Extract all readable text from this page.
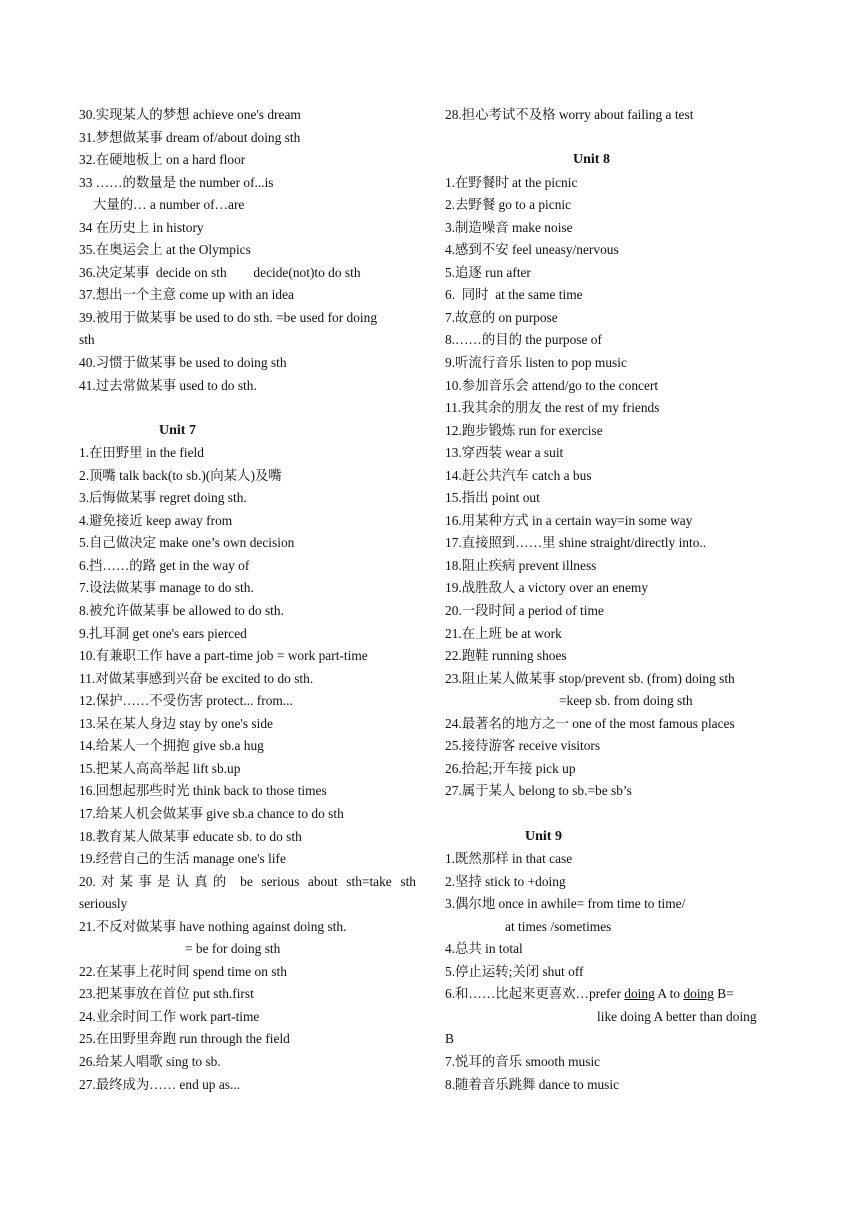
30.实现某人的梦想 achieve one's dream
31.梦想做某事 dream of/about doing sth
32.在硬地板上 on a hard floor
33 ……的数量是 the number of...is
大量的… a number of…are
34 在历史上 in history
35.在奥运会上 at the Olympics
36.决定某事  decide on sth        decide(not)to do sth
37.想出一个主意 come up with an idea
39.被用于做某事 be used to do sth. =be used for doing
sth
40.习惯于做某事 be used to doing sth
41.过去常做某事 used to do sth.
Unit 7
1.在田野里 in the field
2.顶嘴 talk back(to sb.)(向某人)及嘴
3.后悔做某事 regret doing sth.
4.避免接近 keep away from
5.自己做决定 make one’s own decision
6.挡……的路 get in the way of
7.设法做某事 manage to do sth.
8.被允许做某事 be allowed to do sth.
9.扎耳洞 get one's ears pierced
10.有兼职工作 have a part-time job = work part-time
11.对做某事感到兴奋 be excited to do sth.
12.保护……不受伤害 protect... from...
13.呆在某人身边 stay by one's side
14.给某人一个拥抱 give sb.a hug
15.把某人高高举起 lift sb.up
16.回想起那些时光 think back to those times
17.给某人机会做某事 give sb.a chance to do sth
18.教育某人做某事 educate sb. to do sth
19.经营自己的生活 manage one's life
20.对某事是认真的 be serious about sth=take sth
seriously
21.不反对做某事 have nothing against doing sth.
= be for doing sth
22.在某事上花时间 spend time on sth
23.把某事放在首位 put sth.first
24.业余时间工作 work part-time
25.在田野里奔跑 run through the field
26.给某人唱歌 sing to sb.
27.最终成为…… end up as...
28.担心考试不及格 worry about failing a test
Unit 8
1.在野餐时 at the picnic
2.去野餐 go to a picnic
3.制造噪音 make noise
4.感到不安 feel uneasy/nervous
5.追逐 run after
6.  同时  at the same time
7.故意的 on purpose
8.……的目的 the purpose of
9.听流行音乐 listen to pop music
10.参加音乐会 attend/go to the concert
11.我其余的朋友 the rest of my friends
12.跑步锻炼 run for exercise
13.穿西装 wear a suit
14.赶公共汽车 catch a bus
15.指出 point out
16.用某种方式 in a certain way=in some way
17.直接照到……里 shine straight/directly into..
18.阻止疾病 prevent illness
19.战胜敌人 a victory over an enemy
20.一段时间 a period of time
21.在上班 be at work
22.跑鞋 running shoes
23.阻止某人做某事 stop/prevent sb. (from) doing sth
=keep sb. from doing sth
24.最著名的地方之一 one of the most famous places
25.接待游客 receive visitors
26.拾起;开车接 pick up
27.属于某人 belong to sb.=be sb’s
Unit 9
1.既然那样 in that case
2.坚持 stick to +doing
3.偶尔地 once in awhile= from time to time/
at times /sometimes
4.总共 in total
5.停止运转;关闭 shut off
6.和……比起来更喜欢…prefer doing A to doing B=
like doing A better than doing
B
7.悦耳的音乐 smooth music
8.随着音乐跳舞 dance to music
